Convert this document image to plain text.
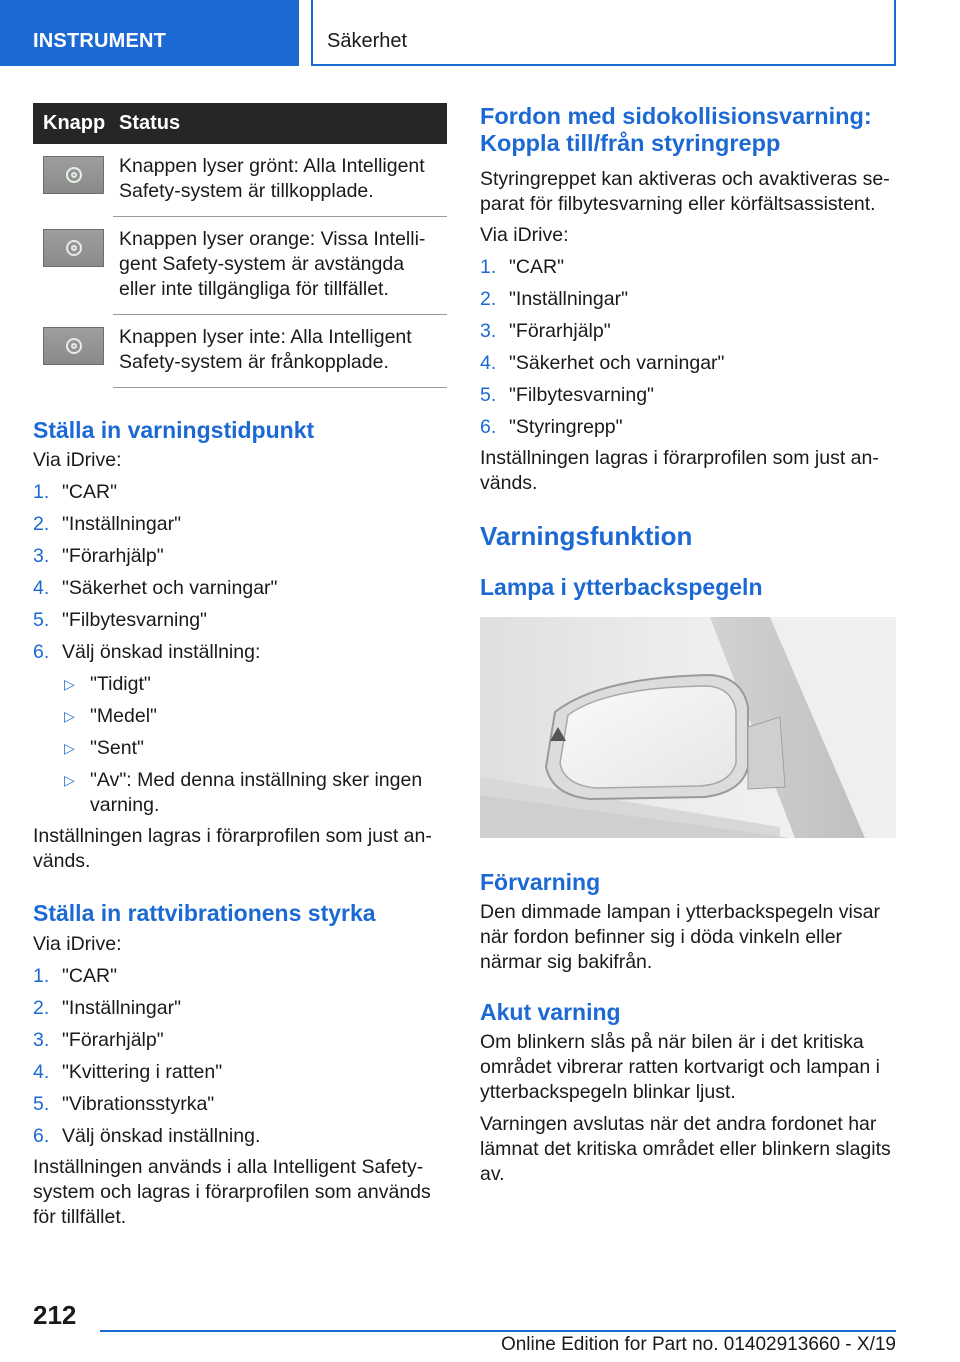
INSTRUMENT	Säkerhet
Knapp	Status

	Knappen lyser grönt: Alla Intelligent Safety-system är tillkopplade.

	Knappen lyser orange: Vissa Intelligent Safety-system är avstängda eller inte tillgängliga för tillfället.

	Knappen lyser inte: Alla Intelligent Safety-system är frånkopplade.
Ställa in varningstidpunkt

Via iDrive:

1. "CAR"
2. "Inställningar"
3. "Förarhjälp"
4. "Säkerhet och varningar"
5. "Filbytesvarning"
6. Välj önskad inställning:
▷ "Tidigt"
▷ "Medel"
▷ "Sent"
▷ "Av": Med denna inställning sker ingen varning.

Inställningen lagras i förarprofilen som just används.

Ställa in rattvibrationens styrka

Via iDrive:

1. "CAR"
2. "Inställningar"
3. "Förarhjälp"
4. "Kvittering i ratten"
5. "Vibrationsstyrka"
6. Välj önskad inställning.

Inställningen används i alla Intelligent Safety-system och lagras i förarprofilen som används för tillfället.

Fordon med sidokollisionsvarning: Koppla till/från styringrepp

Styringreppet kan aktiveras och avaktiveras separat för filbytesvarning eller körfältsassistent.

Via iDrive:

1. "CAR"
2. "Inställningar"
3. "Förarhjälp"
4. "Säkerhet och varningar"
5. "Filbytesvarning"
6. "Styringrepp"

Inställningen lagras i förarprofilen som just används.

Varningsfunktion
Lampa i ytterbackspegeln
Förvarning

Den dimmade lampan i ytterbackspegeln visar när fordon befinner sig i döda vinkeln eller närmar sig bakifrån.

Akut varning

Om blinkern slås på när bilen är i det kritiska området vibrerar ratten kortvarigt och lampan i ytterbackspegeln blinkar ljust.

Varningen avslutas när det andra fordonet har lämnat det kritiska området eller blinkern slagits av.

212
Online Edition for Part no. 01402913660 - X/19
